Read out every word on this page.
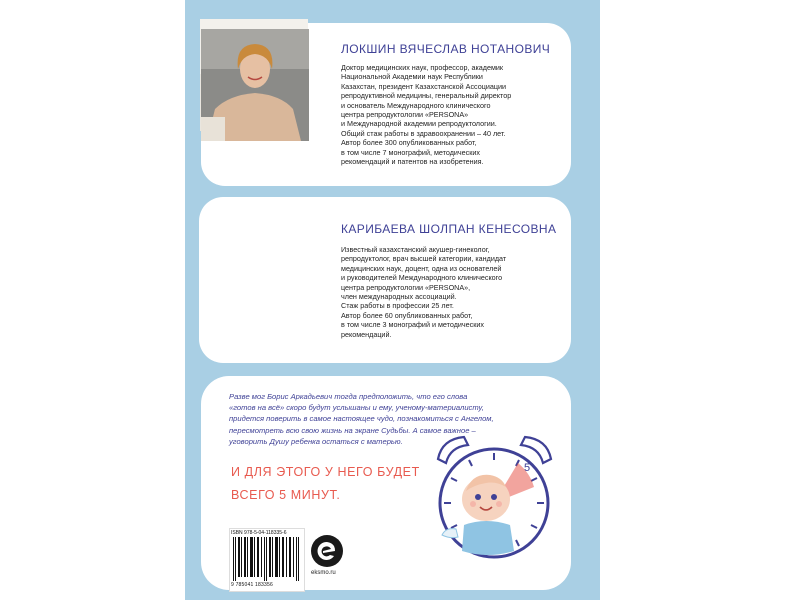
ЛОКШИН ВЯЧЕСЛАВ НОТАНОВИЧ
Доктор медицинских наук, профессор, академик
Национальной Академии наук Республики
Казахстан, президент Казахстанской Ассоциации
репродуктивной медицины, генеральный директор
и основатель Международного клинического
центра репродуктологии «PERSONA»
и Международной академии репродуктологии.
Общий стаж работы в здравоохранении – 40 лет.
Автор более 300 опубликованных работ,
в том числе 7 монографий, методических
рекомендаций и патентов на изобретения.
КАРИБАЕВА ШОЛПАН КЕНЕСОВНА
Известный казахстанский акушер-гинеколог,
репродуктолог, врач высшей категории, кандидат
медицинских наук, доцент, одна из основателей
и руководителей Международного клинического
центра репродуктологии «PERSONA»,
член международных ассоциаций.
Стаж работы в профессии 25 лет.
Автор более 60 опубликованных работ,
в том числе 3 монографий и методических
рекомендаций.
Разве мог Борис Аркадьевич тогда предположить, что его слова
«готов на всё» скоро будут услышаны и ему, ученому-материалисту,
придется поверить в самое настоящее чудо, познакомиться с Ангелом,
пересмотреть всю свою жизнь на экране Судьбы. А самое важное –
уговорить Душу ребенка остаться с матерью.
И ДЛЯ ЭТОГО У НЕГО БУДЕТ
ВСЕГО 5 МИНУТ.
5
ISBN 978-5-04-118335-6
9 785041 183356
eksmo.ru
